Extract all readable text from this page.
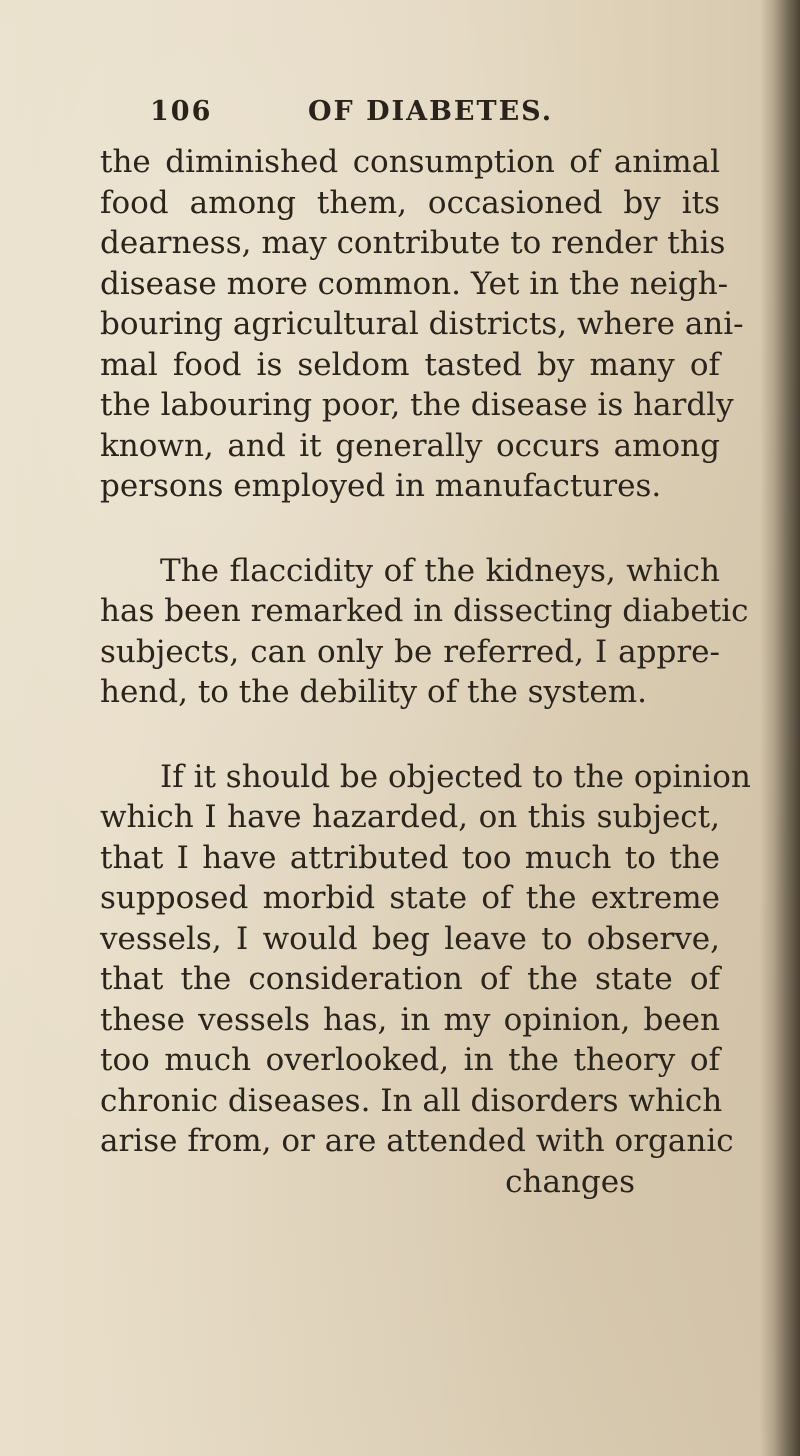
106	OF DIABETES.
the diminished consumption of animal
food among them, occasioned by its
dearness, may contribute to render this
disease more common. Yet in the neigh-
bouring agricultural districts, where ani-
mal food is seldom tasted by many of
the labouring poor, the disease is hardly
known, and it generally occurs among
persons employed in manufactures.
The flaccidity of the kidneys, which
has been remarked in dissecting diabetic
subjects, can only be referred, I appre-
hend, to the debility of the system.
If it should be objected to the opinion
which I have hazarded, on this subject,
that I have attributed too much to the
supposed morbid state of the extreme
vessels, I would beg leave to observe,
that the consideration of the state of
these vessels has, in my opinion, been
too much overlooked, in the theory of
chronic diseases. In all disorders which
arise from, or are attended with organic
changes
